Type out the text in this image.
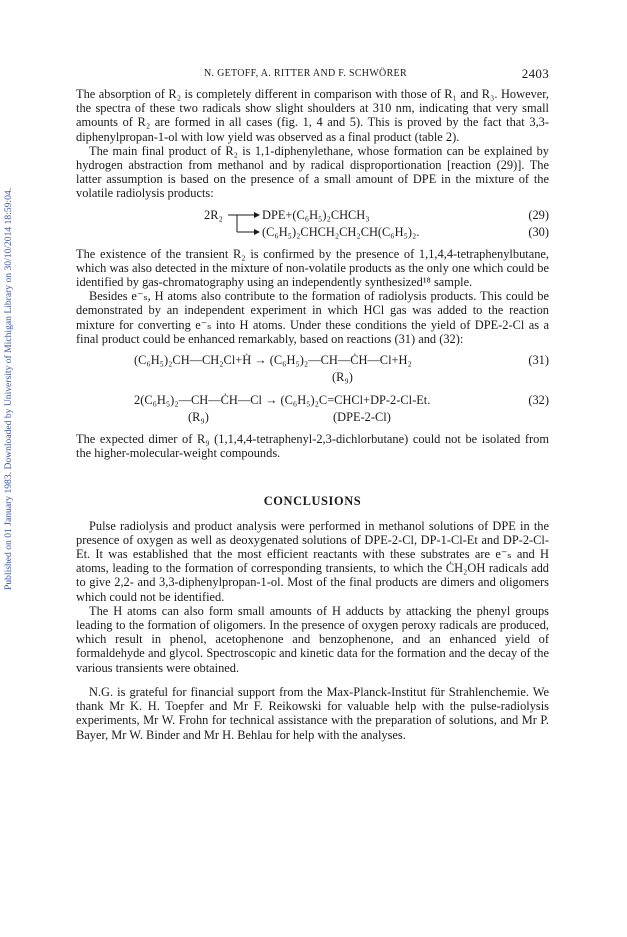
Published on 01 January 1983. Downloaded by University of Michigan Library on 30/10/2014 18:59:04.
N. GETOFF, A. RITTER AND F. SCHWÖRER	2403

The absorption of R₂ is completely different in comparison with those of R₁ and R₃. However, the spectra of these two radicals show slight shoulders at 310 nm, indicating that very small amounts of R₂ are formed in all cases (fig. 1, 4 and 5). This is proved by the fact that 3,3-diphenylpropan-1-ol with low yield was observed as a final product (table 2).

The main final product of R₂ is 1,1-diphenylethane, whose formation can be explained by hydrogen abstraction from methanol and by radical disproportionation [reaction (29)]. The latter assumption is based on the presence of a small amount of DPE in the mixture of the volatile radiolysis products:

2R₂	DPE+(C₆H₅)₂CHCH₃	(29)
(C₆H₅)₂CHCH₂CH₂CH(C₆H₅)₂.	(30)

The existence of the transient R₂ is confirmed by the presence of 1,1,4,4-tetraphenylbutane, which was also detected in the mixture of non-volatile products as the only one which could be identified by gas-chromatography using an independently synthesized¹⁸ sample.

Besides e⁻ₛ, H atoms also contribute to the formation of radiolysis products. This could be demonstrated by an independent experiment in which HCl gas was added to the reaction mixture for converting e⁻ₛ into H atoms. Under these conditions the yield of DPE-2-Cl as a final product could be enhanced remarkably, based on reactions (31) and (32):

(C₆H₅)₂CH—CH₂Cl+Ḣ → (C₆H₅)₂—CH—ĊH—Cl+H₂	(31)
(R₉)
2(C₆H₅)₂—CH—ĊH—Cl → (C₆H₅)₂C=CHCl+DP-2-Cl-Et.	(32)
(R₉)	(DPE-2-Cl)

The expected dimer of R₉ (1,1,4,4-tetraphenyl-2,3-dichlorbutane) could not be isolated from the higher-molecular-weight compounds.

CONCLUSIONS

Pulse radiolysis and product analysis were performed in methanol solutions of DPE in the presence of oxygen as well as deoxygenated solutions of DPE-2-Cl, DP-1-Cl-Et and DP-2-Cl-Et. It was established that the most efficient reactants with these substrates are e⁻ₛ and H atoms, leading to the formation of corresponding transients, to which the ĊH₂OH radicals add to give 2,2- and 3,3-diphenylpropan-1-ol. Most of the final products are dimers and oligomers which could not be identified.

The H atoms can also form small amounts of H adducts by attacking the phenyl groups leading to the formation of oligomers. In the presence of oxygen peroxy radicals are produced, which result in phenol, acetophenone and benzophenone, and an enhanced yield of formaldehyde and glycol. Spectroscopic and kinetic data for the formation and the decay of the various transients were obtained.

N.G. is grateful for financial support from the Max-Planck-Institut für Strahlenchemie. We thank Mr K. H. Toepfer and Mr F. Reikowski for valuable help with the pulse-radiolysis experiments, Mr W. Frohn for technical assistance with the preparation of solutions, and Mr P. Bayer, Mr W. Binder and Mr H. Behlau for help with the analyses.
